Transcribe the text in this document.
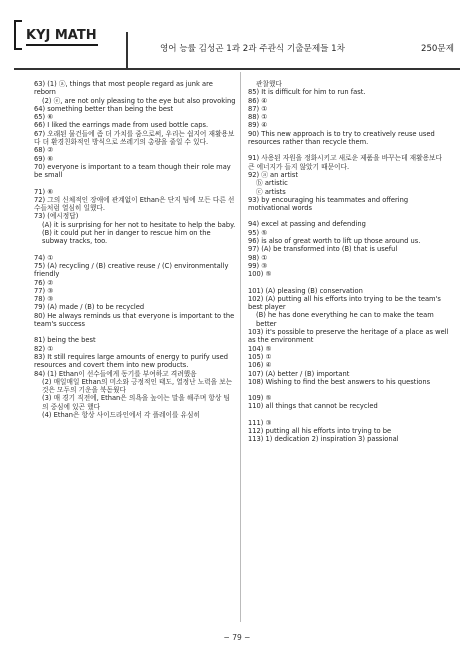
KYJ MATH
영어 능률 김성곤 1과 2과 주관식 기출문제들 1차	250문제
63) (1) ⓐ, things that most people regard as junk are reborn
(2) ⓔ, are not only pleasing to the eye but also provoking
64) something better than being the best
65) ⑥
66) I liked the earrings made from used bottle caps.
67) 오래된 물건들에 좀 더 가치를 줌으로써, 우리는 쉽지어 재활용보다 더 환경친화적인 방식으로 쓰레기의 총량을 줄일 수 있다.
68) ②
69) ⑥
70) everyone is important to a team though their role may be small
71) ⑥
72) 그의 신체적인 장애에 관계없이 Ethan은 단지 팀에 모든 다른 선수들처럼 열심히 일했다.
73) (예시정답)
(A) it is surprising for her not to hesitate to help the baby.
(B) it could put her in danger to rescue him on the subway tracks, too.
74) ①
75) (A) recycling / (B) creative reuse / (C) environmentally friendly
76) ②
77) ③
78) ③
79) (A) made / (B) to be recycled
80) He always reminds us that everyone is important to the team's success
81) being the best
82) ①
83) It still requires large amounts of energy to purify used resources and covert them into new products.
84) (1) Ethan이 선수들에게 동기를 부여하고 격려했음
(2) 매일매일 Ethan의 미소와 긍정적인 태도, 열정난 노력을 보는 것은 모두의 기운을 북돋웠다
(3) 매 경기 직전에, Ethan은 의욕을 높이는 말을 해주며 항상 팀의 중심에 있곤 했다
(4) Ethan은 항상 사이드라인에서 각 플레이를 유심히
관찰했다
85) It is difficult for him to run fast.
86) ④
87) ①
88) ①
89) ④
90) This new approach is to try to creatively reuse used resources rather than recycle them.
91) 사용된 자원을 정화시키고 새로운 제품을 바꾸는데 재활용보다 큰 에너지가 들지 않았기 때문이다.
92) ⓐ an artist
ⓑ artistic
ⓒ artists
93) by encouraging his teammates and offering motivational words
94) excel at passing and defending
95) ⑤
96) is also of great worth to lift up those around us.
97) (A) be transformed into (B) that is useful
98) ①
99) ③
100) ⑤
101) (A) pleasing (B) conservation
102) (A) putting all his efforts into trying to be the team's best player
(B) he has done everything he can to make the team better
103) it's possible to preserve the heritage of a place as well as the environment
104) ⑤
105) ①
106) ④
107) (A) better / (B) important
108) Wishing to find the best answers to his questions
109) ⑤
110) all things that cannot be recycled
111) ③
112) putting all his efforts into trying to be
113) 1) dedication 2) inspiration 3) passional
− 79 −
